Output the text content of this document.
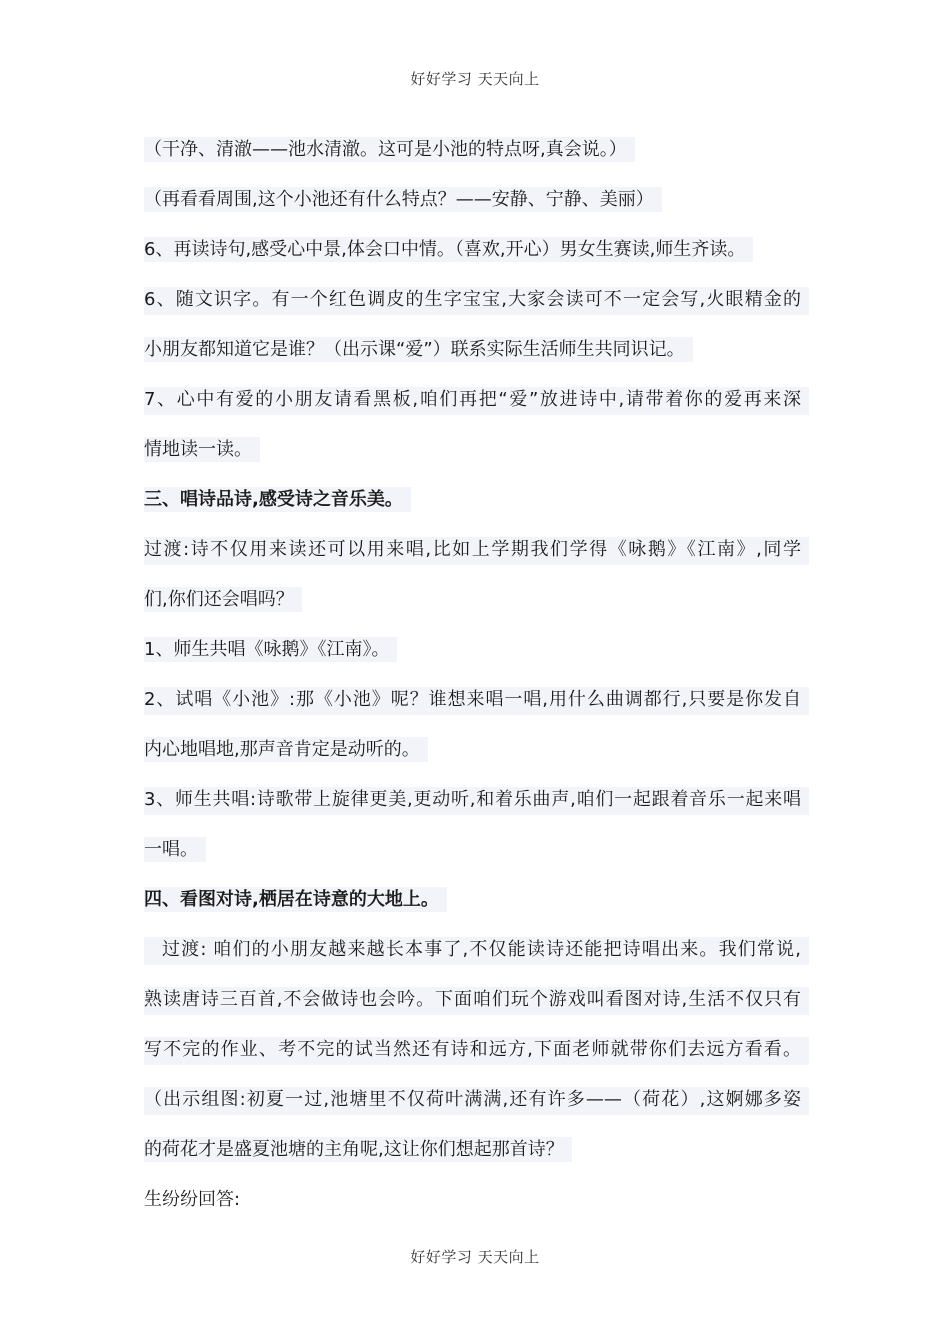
好好学习 天天向上
（干净、清澈——池水清澈。这可是小池的特点呀,真会说。）
（再看看周围,这个小池还有什么特点？——安静、宁静、美丽）
6、再读诗句,感受心中景,体会口中情。（喜欢,开心）男女生赛读,师生齐读。
6、随文识字。有一个红色调皮的生字宝宝,大家会读可不一定会写,火眼精金的
小朋友都知道它是谁？（出示课“爱”）联系实际生活师生共同识记。
7、心中有爱的小朋友请看黑板,咱们再把“爱”放进诗中,请带着你的爱再来深
情地读一读。
三、唱诗品诗,感受诗之音乐美。
过渡:诗不仅用来读还可以用来唱,比如上学期我们学得《咏鹅》《江南》,同学
们,你们还会唱吗？
1、师生共唱《咏鹅》《江南》。
2、试唱《小池》:那《小池》呢？谁想来唱一唱,用什么曲调都行,只要是你发自
内心地唱地,那声音肯定是动听的。
3、师生共唱:诗歌带上旋律更美,更动听,和着乐曲声,咱们一起跟着音乐一起来唱
一唱。
四、看图对诗,栖居在诗意的大地上。
过渡: 咱们的小朋友越来越长本事了,不仅能读诗还能把诗唱出来。我们常说,
熟读唐诗三百首,不会做诗也会吟。下面咱们玩个游戏叫看图对诗,生活不仅只有
写不完的作业、考不完的试当然还有诗和远方,下面老师就带你们去远方看看。
（出示组图:初夏一过,池塘里不仅荷叶满满,还有许多——（荷花）,这婀娜多姿
的荷花才是盛夏池塘的主角呢,这让你们想起那首诗？
生纷纷回答:
好好学习 天天向上
